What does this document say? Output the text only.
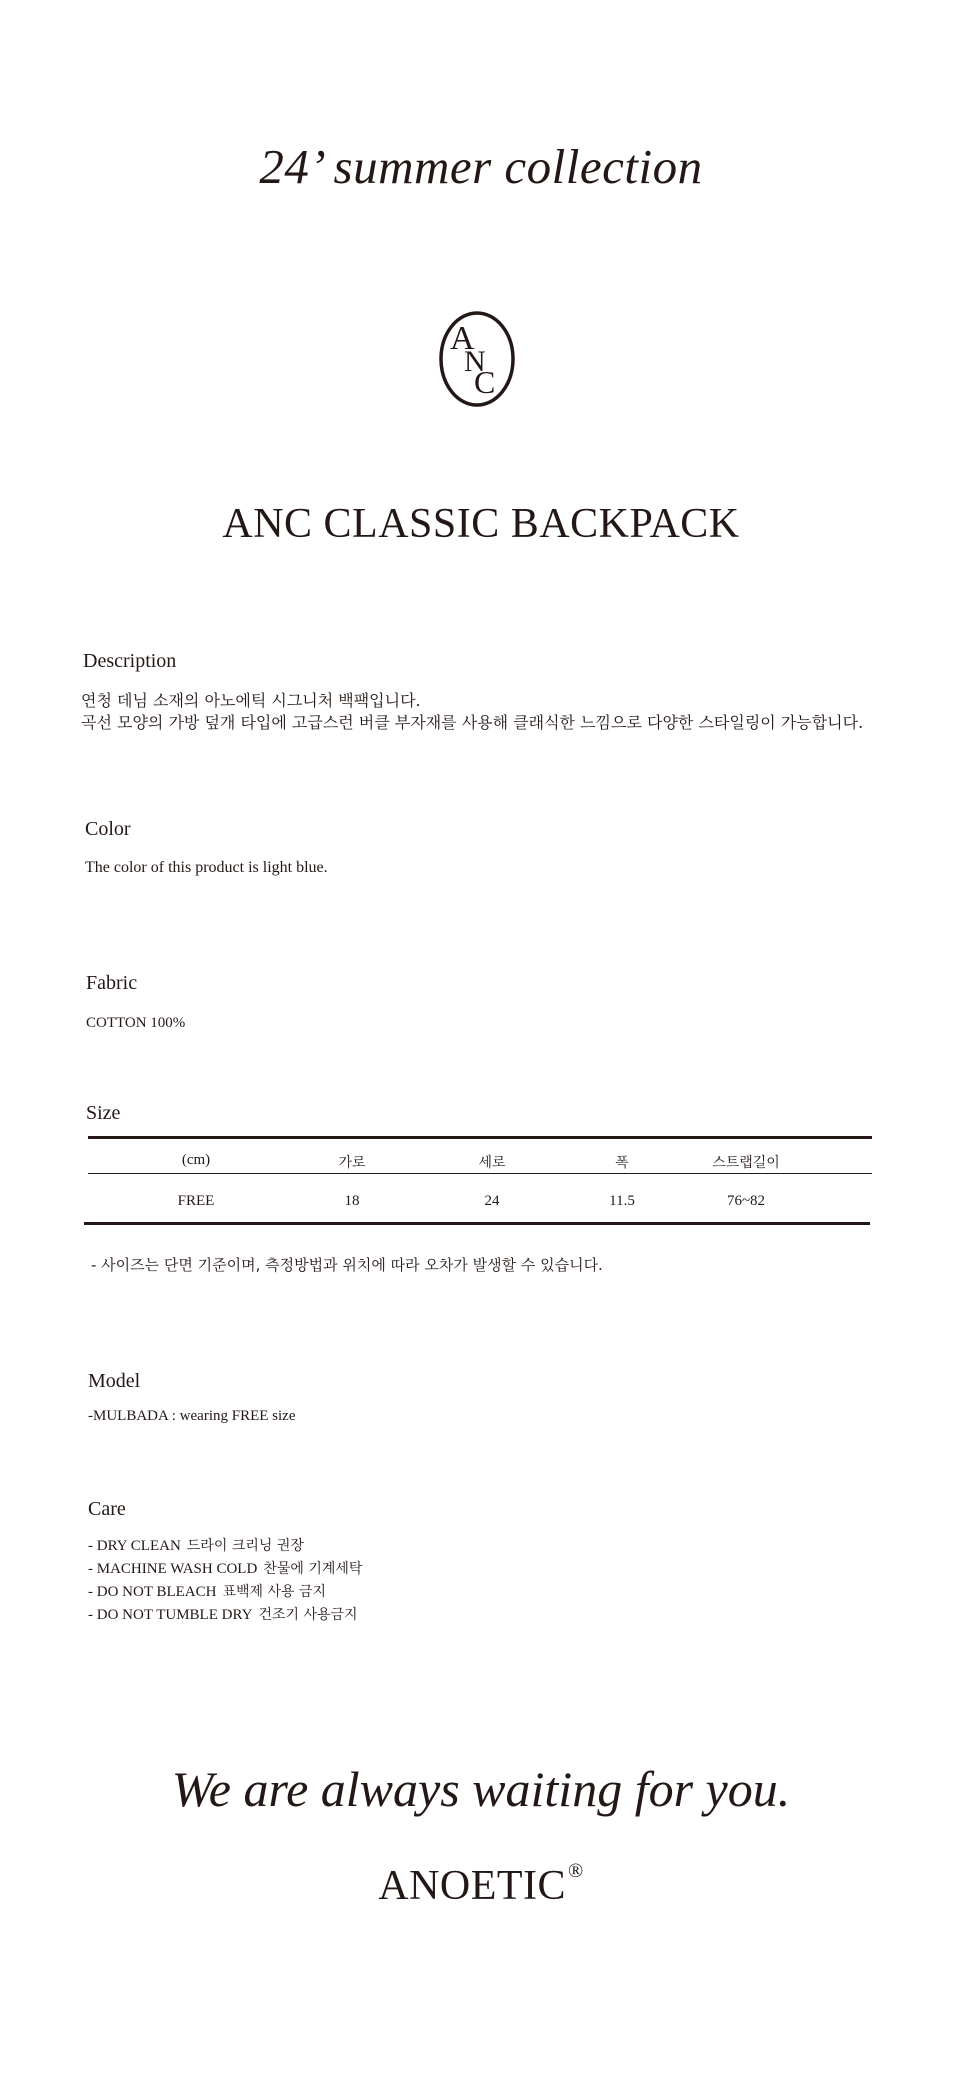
24’ summer collection
A
N
C
ANC CLASSIC BACKPACK
Description
연청 데님 소재의 아노에틱 시그니처 백팩입니다.
곡선 모양의 가방 덮개 타입에 고급스런 버클 부자재를 사용해 클래식한 느낌으로 다양한 스타일링이 가능합니다.
Color
The color of this product is light blue.
Fabric
COTTON 100%
Size
(cm)	가로	세로	폭	스트랩길이
FREE	18	24	11.5	76~82
- 사이즈는 단면 기준이며, 측정방법과 위치에 따라 오차가 발생할 수 있습니다.
Model
-MULBADA : wearing FREE size
Care
- DRY CLEAN 드라이 크리닝 권장
- MACHINE WASH COLD 찬물에 기계세탁
- DO NOT BLEACH 표백제 사용 금지
- DO NOT TUMBLE DRY 건조기 사용금지
We are always waiting for you.
ANOETIC ®
